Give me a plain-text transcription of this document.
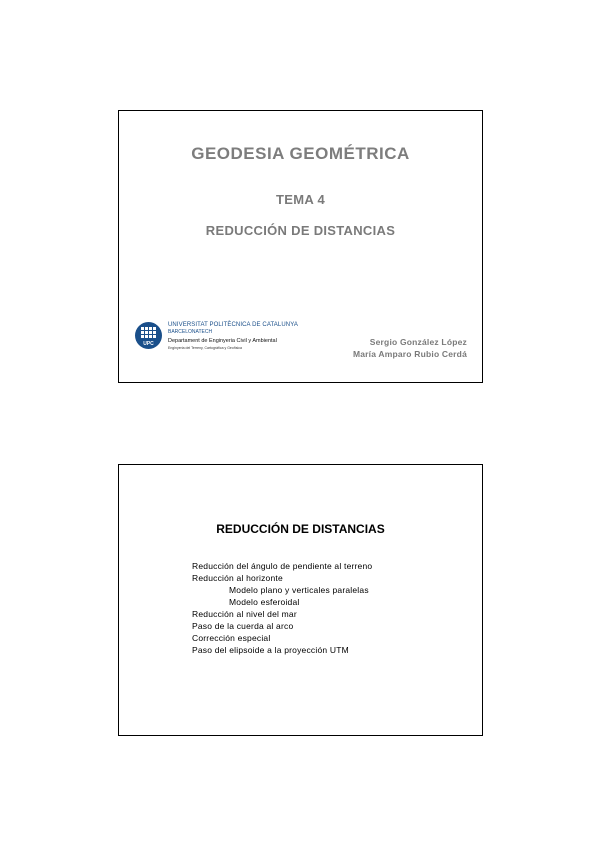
GEODESIA GEOMÉTRICA
TEMA 4
REDUCCIÓN DE DISTANCIAS
UPC
UNIVERSITAT POLITÈCNICA DE CATALUNYA
BARCELONATECH
Departament de Enginyeria Civil y Ambiental
Enginyeria del Terreny, Cartogràfica y Geofísica
Sergio González López
María Amparo Rubio Cerdá
REDUCCIÓN DE DISTANCIAS
Reducción del ángulo de pendiente al terreno
Reducción al horizonte
Modelo plano y verticales paralelas
Modelo esferoidal
Reducción al nivel del mar
Paso de la cuerda al arco
Corrección especial
Paso del elipsoide a la proyección UTM
